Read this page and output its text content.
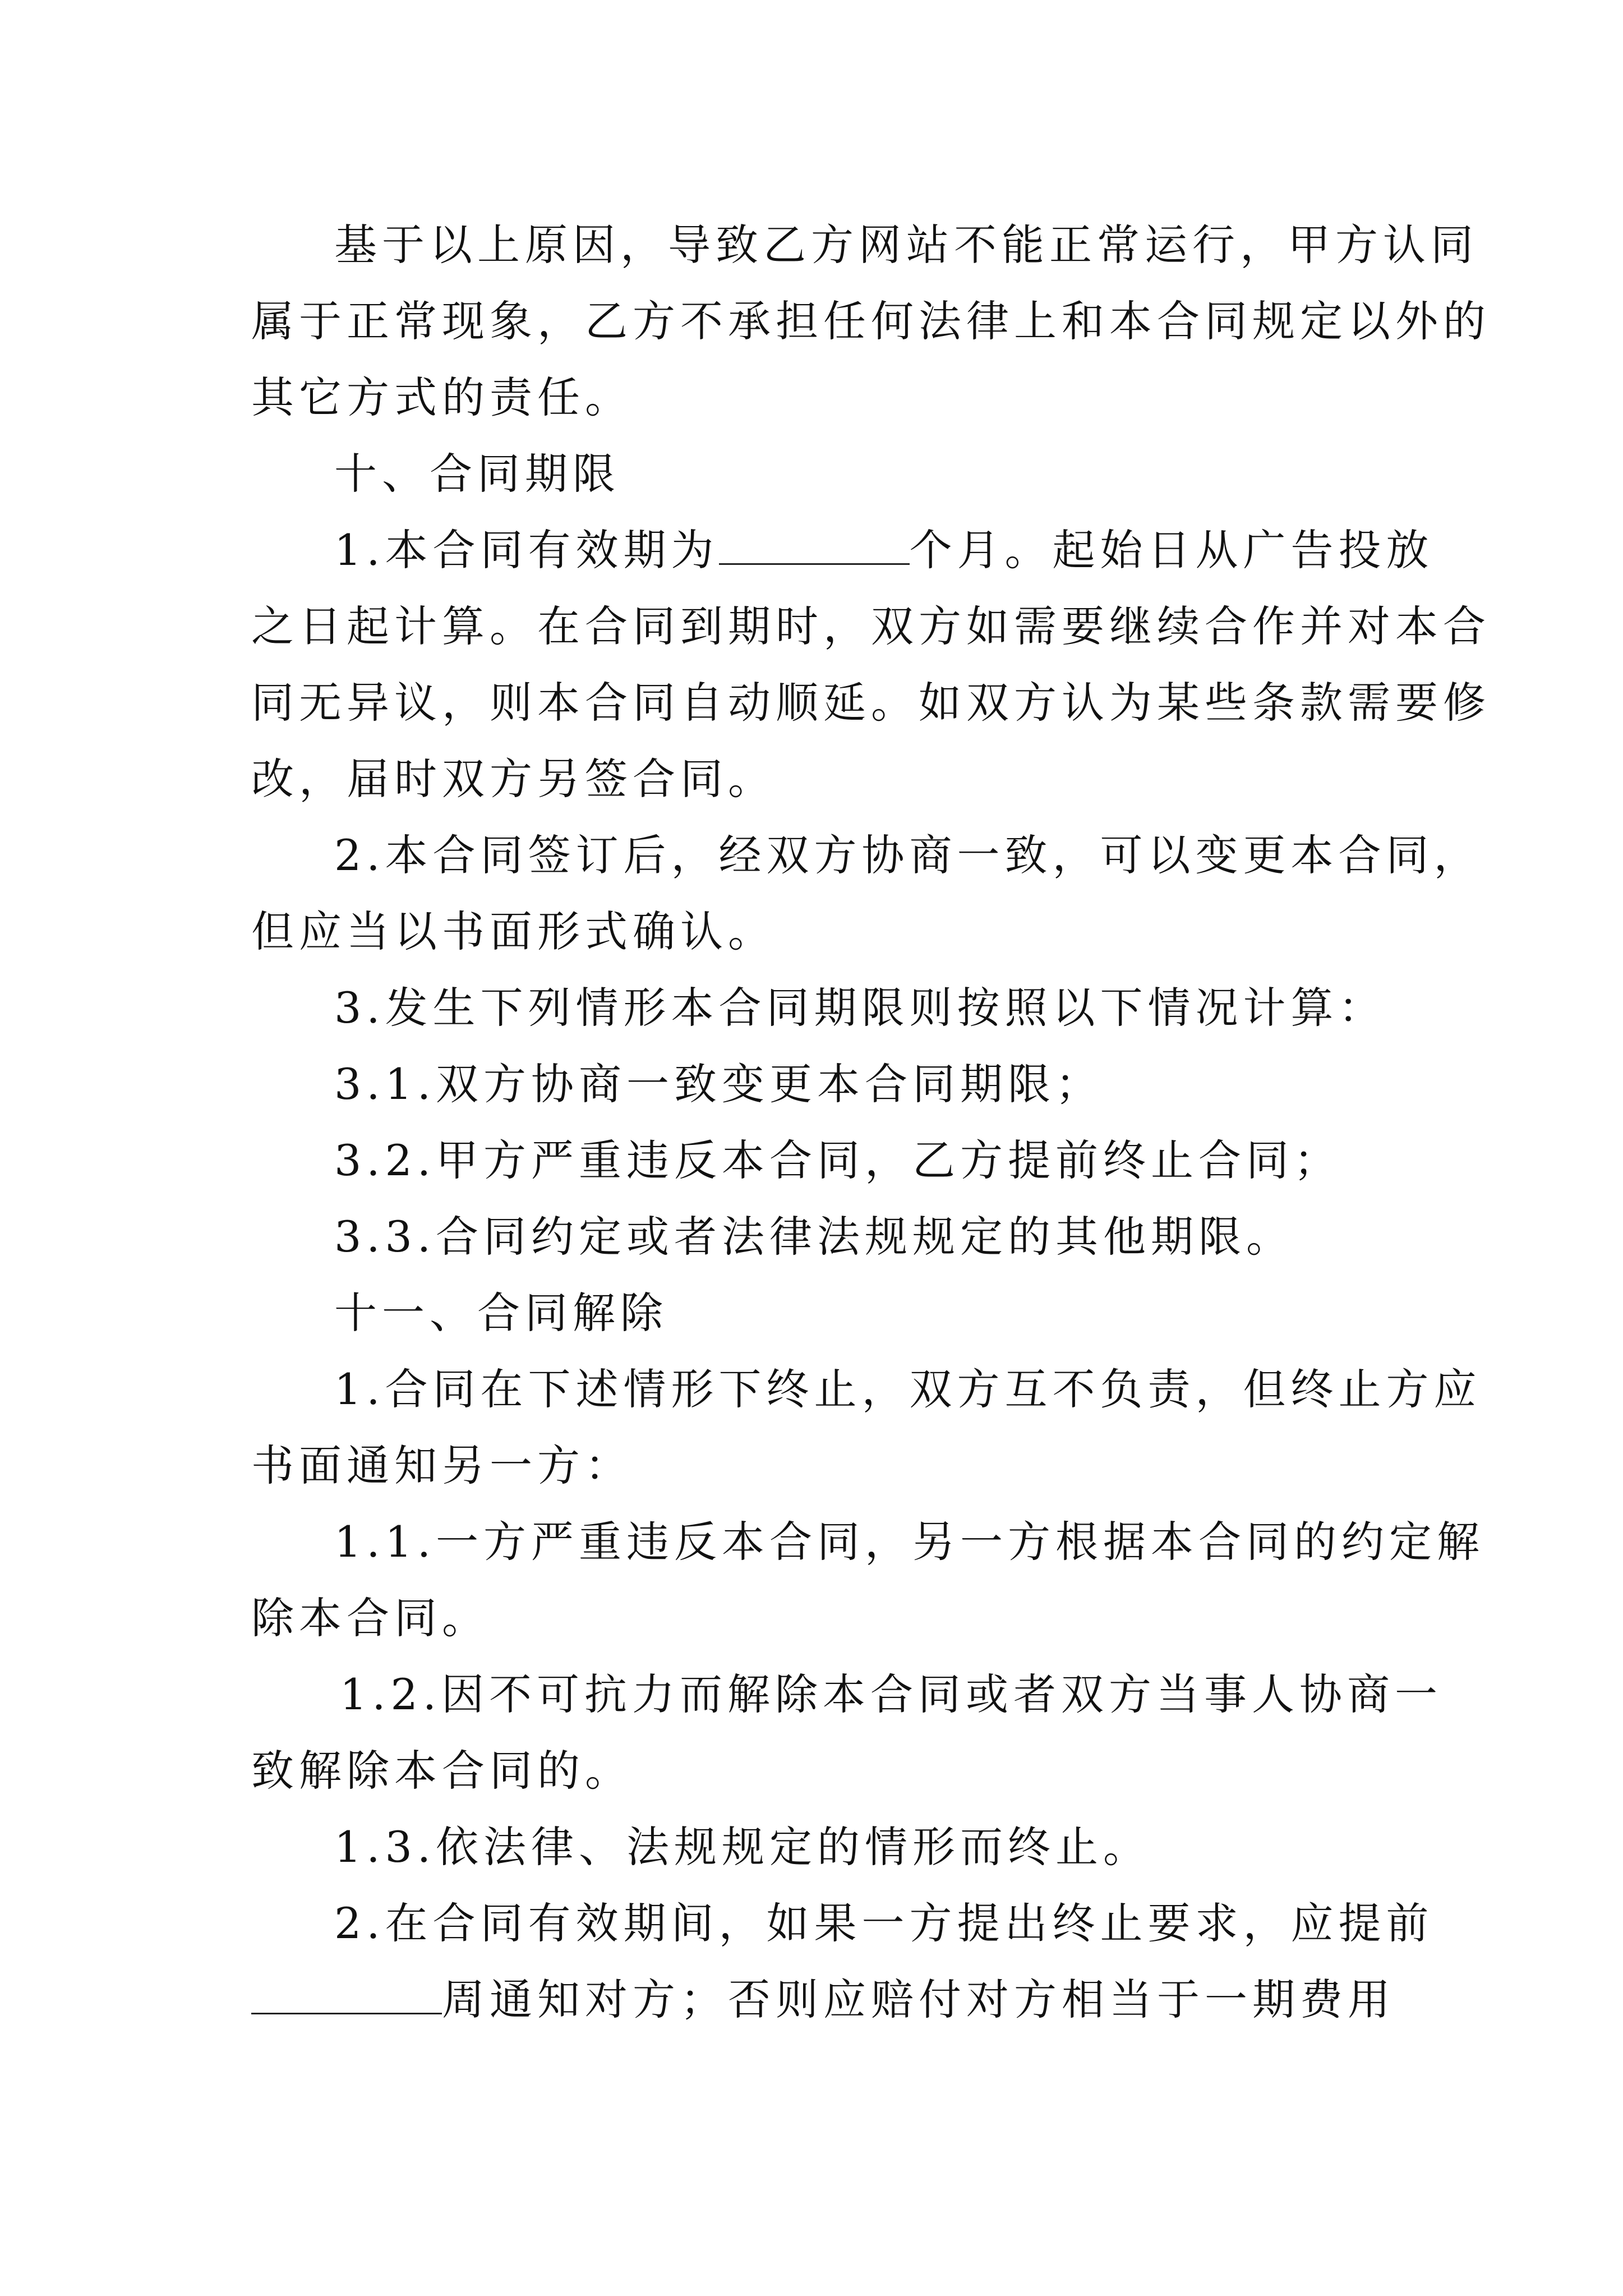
基于以上原因，导致乙方网站不能正常运行，甲方认同
属于正常现象，乙方不承担任何法律上和本合同规定以外的
其它方式的责任。
十、合同期限
1.本合同有效期为	个月。起始日从广告投放
之日起计算。在合同到期时，双方如需要继续合作并对本合
同无异议，则本合同自动顺延。如双方认为某些条款需要修
改，届时双方另签合同。
2.本合同签订后，经双方协商一致，可以变更本合同，
但应当以书面形式确认。
3.发生下列情形本合同期限则按照以下情况计算：
3.1.双方协商一致变更本合同期限；
3.2.甲方严重违反本合同，乙方提前终止合同；
3.3.合同约定或者法律法规规定的其他期限。
十一、合同解除
1.合同在下述情形下终止，双方互不负责，但终止方应
书面通知另一方：
1.1.一方严重违反本合同，另一方根据本合同的约定解
除本合同。
1.2.因不可抗力而解除本合同或者双方当事人协商一
致解除本合同的。
1.3.依法律、法规规定的情形而终止。
2.在合同有效期间，如果一方提出终止要求，应提前
周通知对方；否则应赔付对方相当于一期费用
